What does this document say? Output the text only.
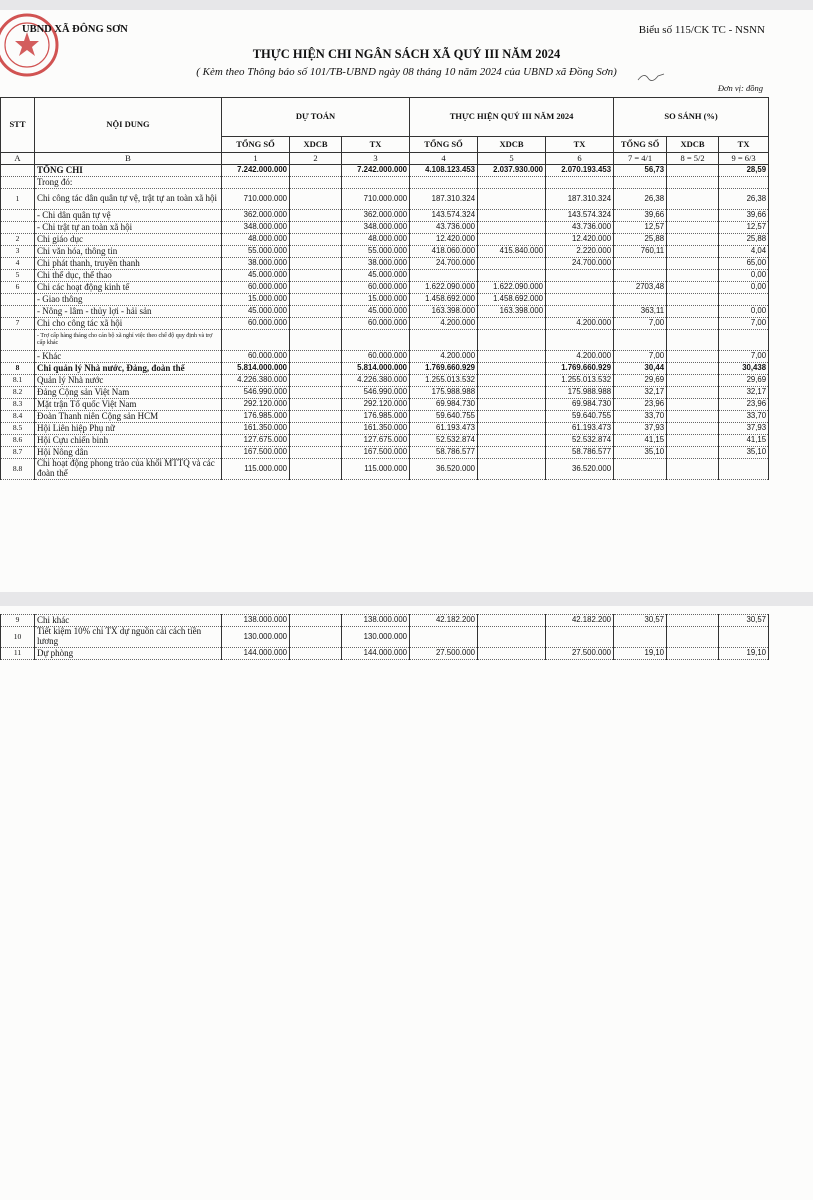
UBND XÃ ĐÔNG SƠN	Biểu số 115/CK TC - NSNN
THỰC HIỆN CHI NGÂN SÁCH XÃ QUÝ III NĂM 2024
( Kèm theo Thông báo số 101/TB-UBND ngày 08 tháng 10 năm 2024 của UBND xã Đồng Sơn)
Đơn vị: đồng
STT	NỘI DUNG	DỰ TOÁN			THỰC HIỆN QUÝ III NĂM 2024			SO SÁNH (%)		
		TỔNG SỐ	XDCB	TX	TỔNG SỐ	XDCB	TX	TỔNG SỐ	XDCB	TX
A	B	1	2	3	4	5	6	7 = 4/1	8 = 5/2	9 = 6/3
	TỔNG CHI	7.242.000.000		7.242.000.000	4.108.123.453	2.037.930.000	2.070.193.453	56,73		28,59
	Trong đó:									
1	Chi công tác dân quân tự vệ, trật tự an toàn xã hội	710.000.000		710.000.000	187.310.324		187.310.324	26,38		26,38
	- Chi dân quân tự vệ	362.000.000		362.000.000	143.574.324		143.574.324	39,66		39,66
	- Chi trật tự an toàn xã hội	348.000.000		348.000.000	43.736.000		43.736.000	12,57		12,57
2	Chi giáo dục	48.000.000		48.000.000	12.420.000		12.420.000	25,88		25,88
3	Chi văn hóa, thông tin	55.000.000		55.000.000	418.060.000	415.840.000	2.220.000	760,11		4,04
4	Chi phát thanh, truyền thanh	38.000.000		38.000.000	24.700.000		24.700.000			65,00
5	Chi thể dục, thể thao	45.000.000		45.000.000						0,00
6	Chi các hoạt động kinh tế	60.000.000		60.000.000	1.622.090.000	1.622.090.000		2703,48		0,00
	- Giao thông	15.000.000		15.000.000	1.458.692.000	1.458.692.000				
	- Nông - lâm - thủy lợi - hải sản	45.000.000		45.000.000	163.398.000	163.398.000		363,11		0,00
7	Chi cho công tác xã hội	60.000.000		60.000.000	4.200.000		4.200.000	7,00		7,00
	- Trợ cấp hàng tháng cho cán bộ xã nghỉ việc theo chế độ quy định và trợ cấp khác									
	- Khác	60.000.000		60.000.000	4.200.000		4.200.000	7,00		7,00
8	Chi quản lý Nhà nước, Đảng, đoàn thể	5.814.000.000		5.814.000.000	1.769.660.929		1.769.660.929	30,44		30,438
8.1	Quản lý Nhà nước	4.226.380.000		4.226.380.000	1.255.013.532		1.255.013.532	29,69		29,69
8.2	Đảng Cộng sản Việt Nam	546.990.000		546.990.000	175.988.988		175.988.988	32,17		32,17
8.3	Mặt trận Tổ quốc Việt Nam	292.120.000		292.120.000	69.984.730		69.984.730	23,96		23,96
8.4	Đoàn Thanh niên Cộng sản HCM	176.985.000		176.985.000	59.640.755		59.640.755	33,70		33,70
8.5	Hội Liên hiệp Phụ nữ	161.350.000		161.350.000	61.193.473		61.193.473	37,93		37,93
8.6	Hội Cựu chiến binh	127.675.000		127.675.000	52.532.874		52.532.874	41,15		41,15
8.7	Hội Nông dân	167.500.000		167.500.000	58.786.577		58.786.577	35,10		35,10
8.8	Chi hoạt động phong trào của khối MTTQ và các đoàn thể	115.000.000		115.000.000	36.520.000		36.520.000			
9	Chi khác	138.000.000		138.000.000	42.182.200		42.182.200	30,57		30,57
10	Tiết kiệm 10% chi TX dự nguồn cải cách tiền lương	130.000.000		130.000.000						
11	Dự phòng	144.000.000		144.000.000	27.500.000		27.500.000	19,10		19,10
